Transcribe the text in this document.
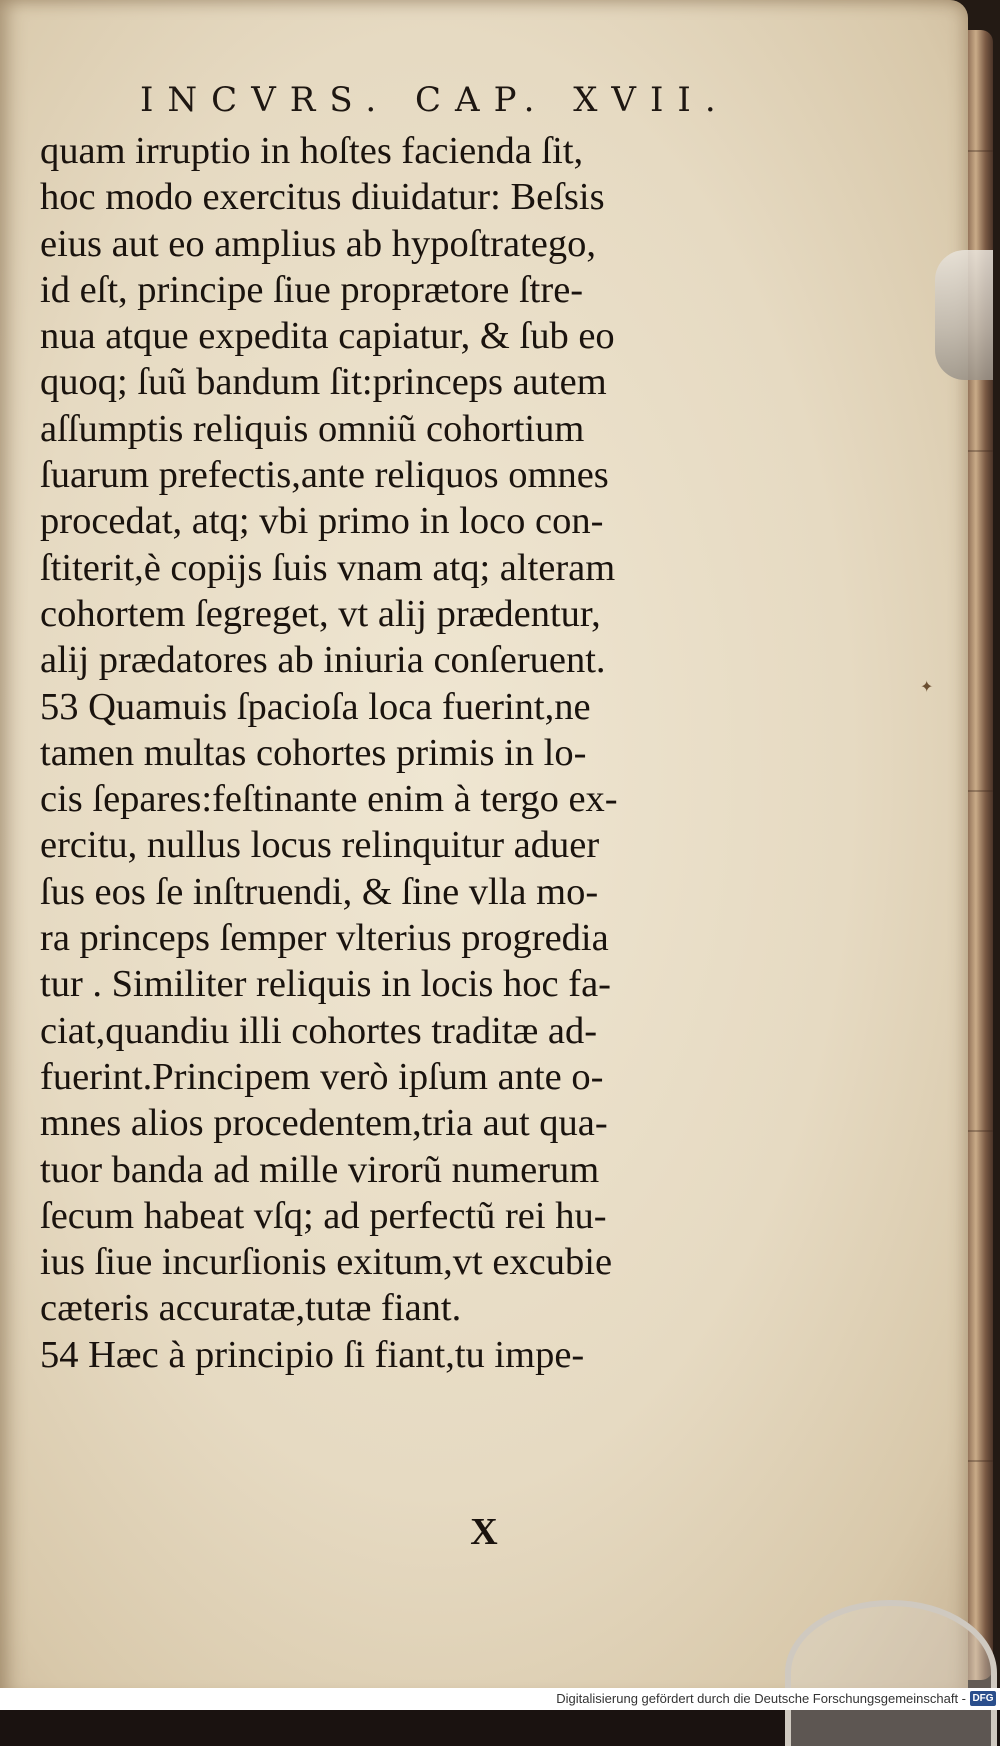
INCVRS. CAP. XVII.
quam irruptio in hoſtes facienda ſit,
hoc modo exercitus diuidatur: Beſsis
eius aut eo amplius ab hypoſtratego,
id eſt, principe ſiue proprætore ſtre-
nua atque expedita capiatur, & ſub eo
quoq; ſuũ bandum ſit:princeps autem
aſſumptis reliquis omniũ cohortium
ſuarum prefectis,ante reliquos omnes
procedat, atq; vbi primo in loco con-
ſtiterit,è copijs ſuis vnam atq; alteram
cohortem ſegreget, vt alij prædentur,
alij prædatores ab iniuria conſeruent.
53 Quamuis ſpacioſa loca fuerint,ne
tamen multas cohortes primis in lo-
cis ſepares:feſtinante enim à tergo ex-
ercitu, nullus locus relinquitur aduer
ſus eos ſe inſtruendi, & ſine vlla mo-
ra princeps ſemper vlterius progredia
tur . Similiter reliquis in locis hoc fa-
ciat,quandiu illi cohortes traditæ ad-
fuerint.Principem verò ipſum ante o-
mnes alios procedentem,tria aut qua-
tuor banda ad mille virorũ numerum
ſecum habeat vſq; ad perfectũ rei hu-
ius ſiue incurſionis exitum,vt excubie
cæteris accuratæ,tutæ fiant.
54 Hæc à principio ſi fiant,tu impe-
X
✦
Digitalisierung gefördert durch die Deutsche Forschungsgemeinschaft - DFG
